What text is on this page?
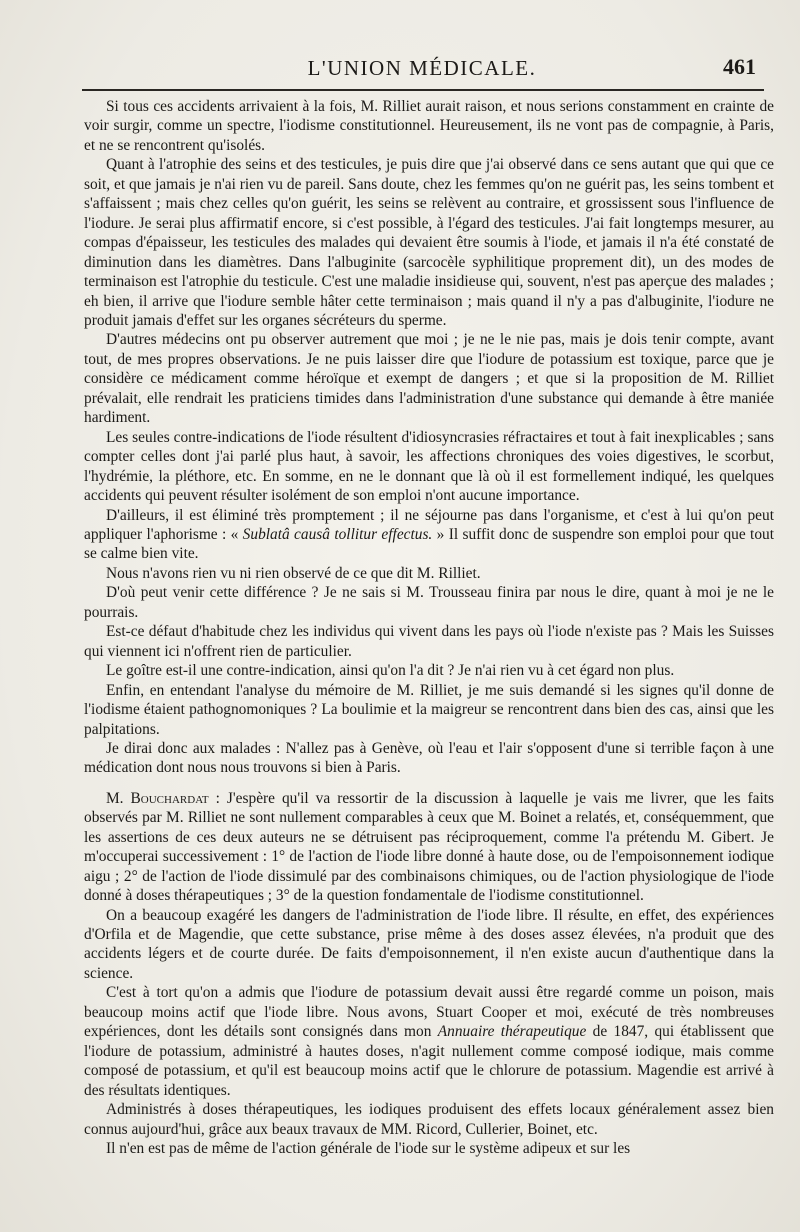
L'UNION MÉDICALE.	461

Si tous ces accidents arrivaient à la fois, M. Rilliet aurait raison, et nous serions constamment en crainte de voir surgir, comme un spectre, l'iodisme constitutionnel. Heureusement, ils ne vont pas de compagnie, à Paris, et ne se rencontrent qu'isolés.

Quant à l'atrophie des seins et des testicules, je puis dire que j'ai observé dans ce sens autant que qui que ce soit, et que jamais je n'ai rien vu de pareil. Sans doute, chez les femmes qu'on ne guérit pas, les seins tombent et s'affaissent ; mais chez celles qu'on guérit, les seins se relèvent au contraire, et grossissent sous l'influence de l'iodure. Je serai plus affirmatif encore, si c'est possible, à l'égard des testicules. J'ai fait longtemps mesurer, au compas d'épaisseur, les testicules des malades qui devaient être soumis à l'iode, et jamais il n'a été constaté de diminution dans les diamètres. Dans l'albuginite (sarcocèle syphilitique proprement dit), un des modes de terminaison est l'atrophie du testicule. C'est une maladie insidieuse qui, souvent, n'est pas aperçue des malades ; eh bien, il arrive que l'iodure semble hâter cette terminaison ; mais quand il n'y a pas d'albuginite, l'iodure ne produit jamais d'effet sur les organes sécréteurs du sperme.

D'autres médecins ont pu observer autrement que moi ; je ne le nie pas, mais je dois tenir compte, avant tout, de mes propres observations. Je ne puis laisser dire que l'iodure de potassium est toxique, parce que je considère ce médicament comme héroïque et exempt de dangers ; et que si la proposition de M. Rilliet prévalait, elle rendrait les praticiens timides dans l'administration d'une substance qui demande à être maniée hardiment.

Les seules contre-indications de l'iode résultent d'idiosyncrasies réfractaires et tout à fait inexplicables ; sans compter celles dont j'ai parlé plus haut, à savoir, les affections chroniques des voies digestives, le scorbut, l'hydrémie, la pléthore, etc. En somme, en ne le donnant que là où il est formellement indiqué, les quelques accidents qui peuvent résulter isolément de son emploi n'ont aucune importance.

D'ailleurs, il est éliminé très promptement ; il ne séjourne pas dans l'organisme, et c'est à lui qu'on peut appliquer l'aphorisme : « Sublatâ causâ tollitur effectus. » Il suffit donc de suspendre son emploi pour que tout se calme bien vite.

Nous n'avons rien vu ni rien observé de ce que dit M. Rilliet.

D'où peut venir cette différence ? Je ne sais si M. Trousseau finira par nous le dire, quant à moi je ne le pourrais.

Est-ce défaut d'habitude chez les individus qui vivent dans les pays où l'iode n'existe pas ? Mais les Suisses qui viennent ici n'offrent rien de particulier.

Le goître est-il une contre-indication, ainsi qu'on l'a dit ? Je n'ai rien vu à cet égard non plus.

Enfin, en entendant l'analyse du mémoire de M. Rilliet, je me suis demandé si les signes qu'il donne de l'iodisme étaient pathognomoniques ? La boulimie et la maigreur se rencontrent dans bien des cas, ainsi que les palpitations.

Je dirai donc aux malades : N'allez pas à Genève, où l'eau et l'air s'opposent d'une si terrible façon à une médication dont nous nous trouvons si bien à Paris.

M. Bouchardat : J'espère qu'il va ressortir de la discussion à laquelle je vais me livrer, que les faits observés par M. Rilliet ne sont nullement comparables à ceux que M. Boinet a relatés, et, conséquemment, que les assertions de ces deux auteurs ne se détruisent pas réciproquement, comme l'a prétendu M. Gibert. Je m'occuperai successivement : 1° de l'action de l'iode libre donné à haute dose, ou de l'empoisonnement iodique aigu ; 2° de l'action de l'iode dissimulé par des combinaisons chimiques, ou de l'action physiologique de l'iode donné à doses thérapeutiques ; 3° de la question fondamentale de l'iodisme constitutionnel.

On a beaucoup exagéré les dangers de l'administration de l'iode libre. Il résulte, en effet, des expériences d'Orfila et de Magendie, que cette substance, prise même à des doses assez élevées, n'a produit que des accidents légers et de courte durée. De faits d'empoisonnement, il n'en existe aucun d'authentique dans la science.

C'est à tort qu'on a admis que l'iodure de potassium devait aussi être regardé comme un poison, mais beaucoup moins actif que l'iode libre. Nous avons, Stuart Cooper et moi, exécuté de très nombreuses expériences, dont les détails sont consignés dans mon Annuaire thérapeutique de 1847, qui établissent que l'iodure de potassium, administré à hautes doses, n'agit nullement comme composé iodique, mais comme composé de potassium, et qu'il est beaucoup moins actif que le chlorure de potassium. Magendie est arrivé à des résultats identiques.

Administrés à doses thérapeutiques, les iodiques produisent des effets locaux généralement assez bien connus aujourd'hui, grâce aux beaux travaux de MM. Ricord, Cullerier, Boinet, etc.

Il n'en est pas de même de l'action générale de l'iode sur le système adipeux et sur les
